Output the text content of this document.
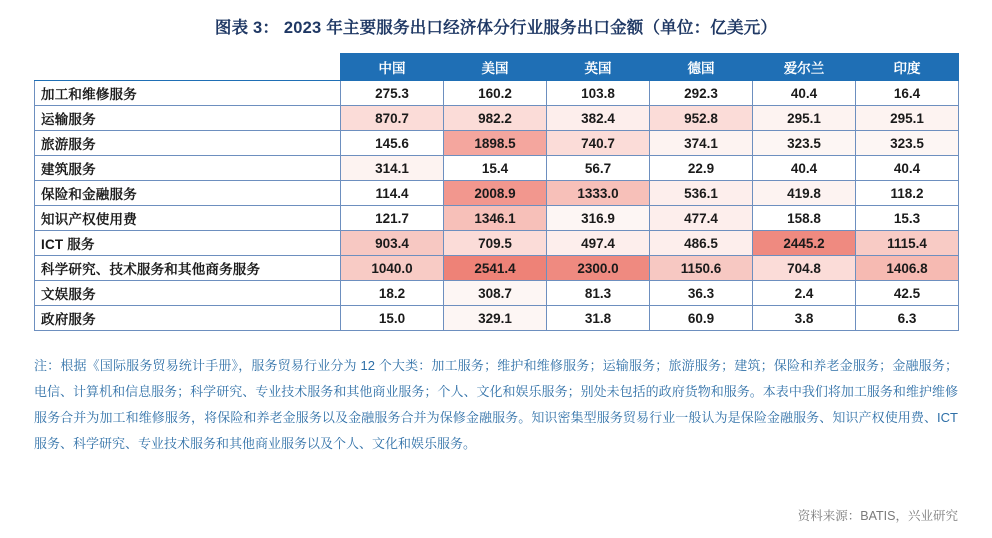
图表 3： 2023 年主要服务出口经济体分行业服务出口金额（单位：亿美元）
	中国	美国	英国	德国	爱尔兰	印度
加工和维修服务	275.3	160.2	103.8	292.3	40.4	16.4
运输服务	870.7	982.2	382.4	952.8	295.1	295.1
旅游服务	145.6	1898.5	740.7	374.1	323.5	323.5
建筑服务	314.1	15.4	56.7	22.9	40.4	40.4
保险和金融服务	114.4	2008.9	1333.0	536.1	419.8	118.2
知识产权使用费	121.7	1346.1	316.9	477.4	158.8	15.3
ICT 服务	903.4	709.5	497.4	486.5	2445.2	1115.4
科学研究、技术服务和其他商务服务	1040.0	2541.4	2300.0	1150.6	704.8	1406.8
文娱服务	18.2	308.7	81.3	36.3	2.4	42.5
政府服务	15.0	329.1	31.8	60.9	3.8	6.3
注：根据《国际服务贸易统计手册》，服务贸易行业分为 12 个大类：加工服务；维护和维修服务；运输服务；旅游服务；建筑；保险和养老金服务；金融服务；电信、计算机和信息服务；科学研究、专业技术服务和其他商业服务；个人、文化和娱乐服务；别处未包括的政府货物和服务。本表中我们将加工服务和维护维修服务合并为加工和维修服务，将保险和养老金服务以及金融服务合并为保修金融服务。知识密集型服务贸易行业一般认为是保险金融服务、知识产权使用费、ICT 服务、科学研究、专业技术服务和其他商业服务以及个人、文化和娱乐服务。
资料来源：BATIS，兴业研究
